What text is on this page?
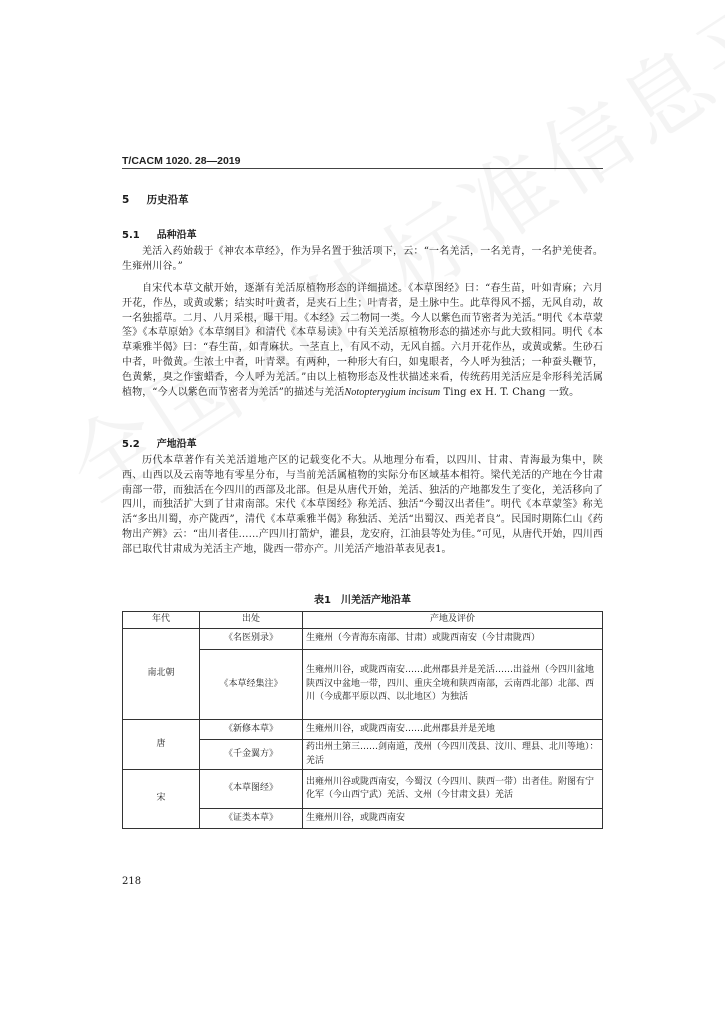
T/CACM 1020. 28—2019
5 历史沿革
5.1 品种沿革

羌活入药始载于《神农本草经》，作为异名置于独活项下，云：“一名羌活，一名羌青，一名护羌使者。生雍州川谷。”

自宋代本草文献开始，逐渐有羌活原植物形态的详细描述。《本草图经》曰：“春生苗，叶如青麻；六月开花，作丛，或黄或紫；结实时叶黄者，是夹石上生；叶青者，是土脉中生。此草得风不摇，无风自动，故一名独摇草。二月、八月采根，曝干用。《本经》云二物同一类。今人以紫色而节密者为羌活。”明代《本草蒙筌》《本草原始》《本草纲目》和清代《本草易读》中有关羌活原植物形态的描述亦与此大致相同。明代《本草乘雅半偈》曰：“春生苗，如青麻状。一茎直上，有风不动，无风自摇。六月开花作丛，或黄或紫。生砂石中者，叶微黄。生浓土中者，叶青翠。有两种，一种形大有臼，如鬼眼者，今人呼为独活；一种蚕头鞭节，色黄紫，臭之作蜜蜡香，今人呼为羌活。”由以上植物形态及性状描述来看，传统药用羌活应是伞形科羌活属植物，“今人以紫色而节密者为羌活”的描述与羌活Notopterygium incisum Ting ex H. T. Chang 一致。

5.2 产地沿革

历代本草著作有关羌活道地产区的记载变化不大。从地理分布看，以四川、甘肃、青海最为集中，陕西、山西以及云南等地有零星分布，与当前羌活属植物的实际分布区域基本相符。梁代羌活的产地在今甘肃南部一带，而独活在今四川的西部及北部。但是从唐代开始，羌活、独活的产地都发生了变化，羌活移向了四川，而独活扩大到了甘肃南部。宋代《本草图经》称羌活、独活“今蜀汉出者佳”。明代《本草蒙筌》称羌活“多出川蜀，亦产陇西”，清代《本草乘雅半偈》称独活、羌活“出蜀汉、西羌者良”。民国时期陈仁山《药物出产辨》云：“出川者佳……产四川打箭炉，灌县，龙安府，江油县等处为佳。”可见，从唐代开始，四川西部已取代甘肃成为羌活主产地，陇西一带亦产。川羌活产地沿革表见表1。

表1　川羌活产地沿革
年代	出处	产地及评价
南北朝	《名医别录》	生雍州（今青海东南部、甘肃）或陇西南安（今甘肃陇西）
	《本草经集注》	生雍州川谷，或陇西南安……此州郡县并是羌活……出益州（今四川盆地陕西汉中盆地一带，四川、重庆全境和陕西南部，云南西北部）北部、西川（今成都平原以西、以北地区）为独活
唐	《新修本草》	生雍州川谷，或陇西南安……此州郡县并是羌地
	《千金翼方》	药出州土第三……剑南道，茂州（今四川茂县、汶川、理县、北川等地）：羌活
宋	《本草图经》	出雍州川谷或陇西南安，今蜀汉（今四川、陕西一带）出者佳。附图有宁化军（今山西宁武）羌活、文州（今甘肃文县）羌活
	《证类本草》	生雍州川谷，或陇西南安
218
